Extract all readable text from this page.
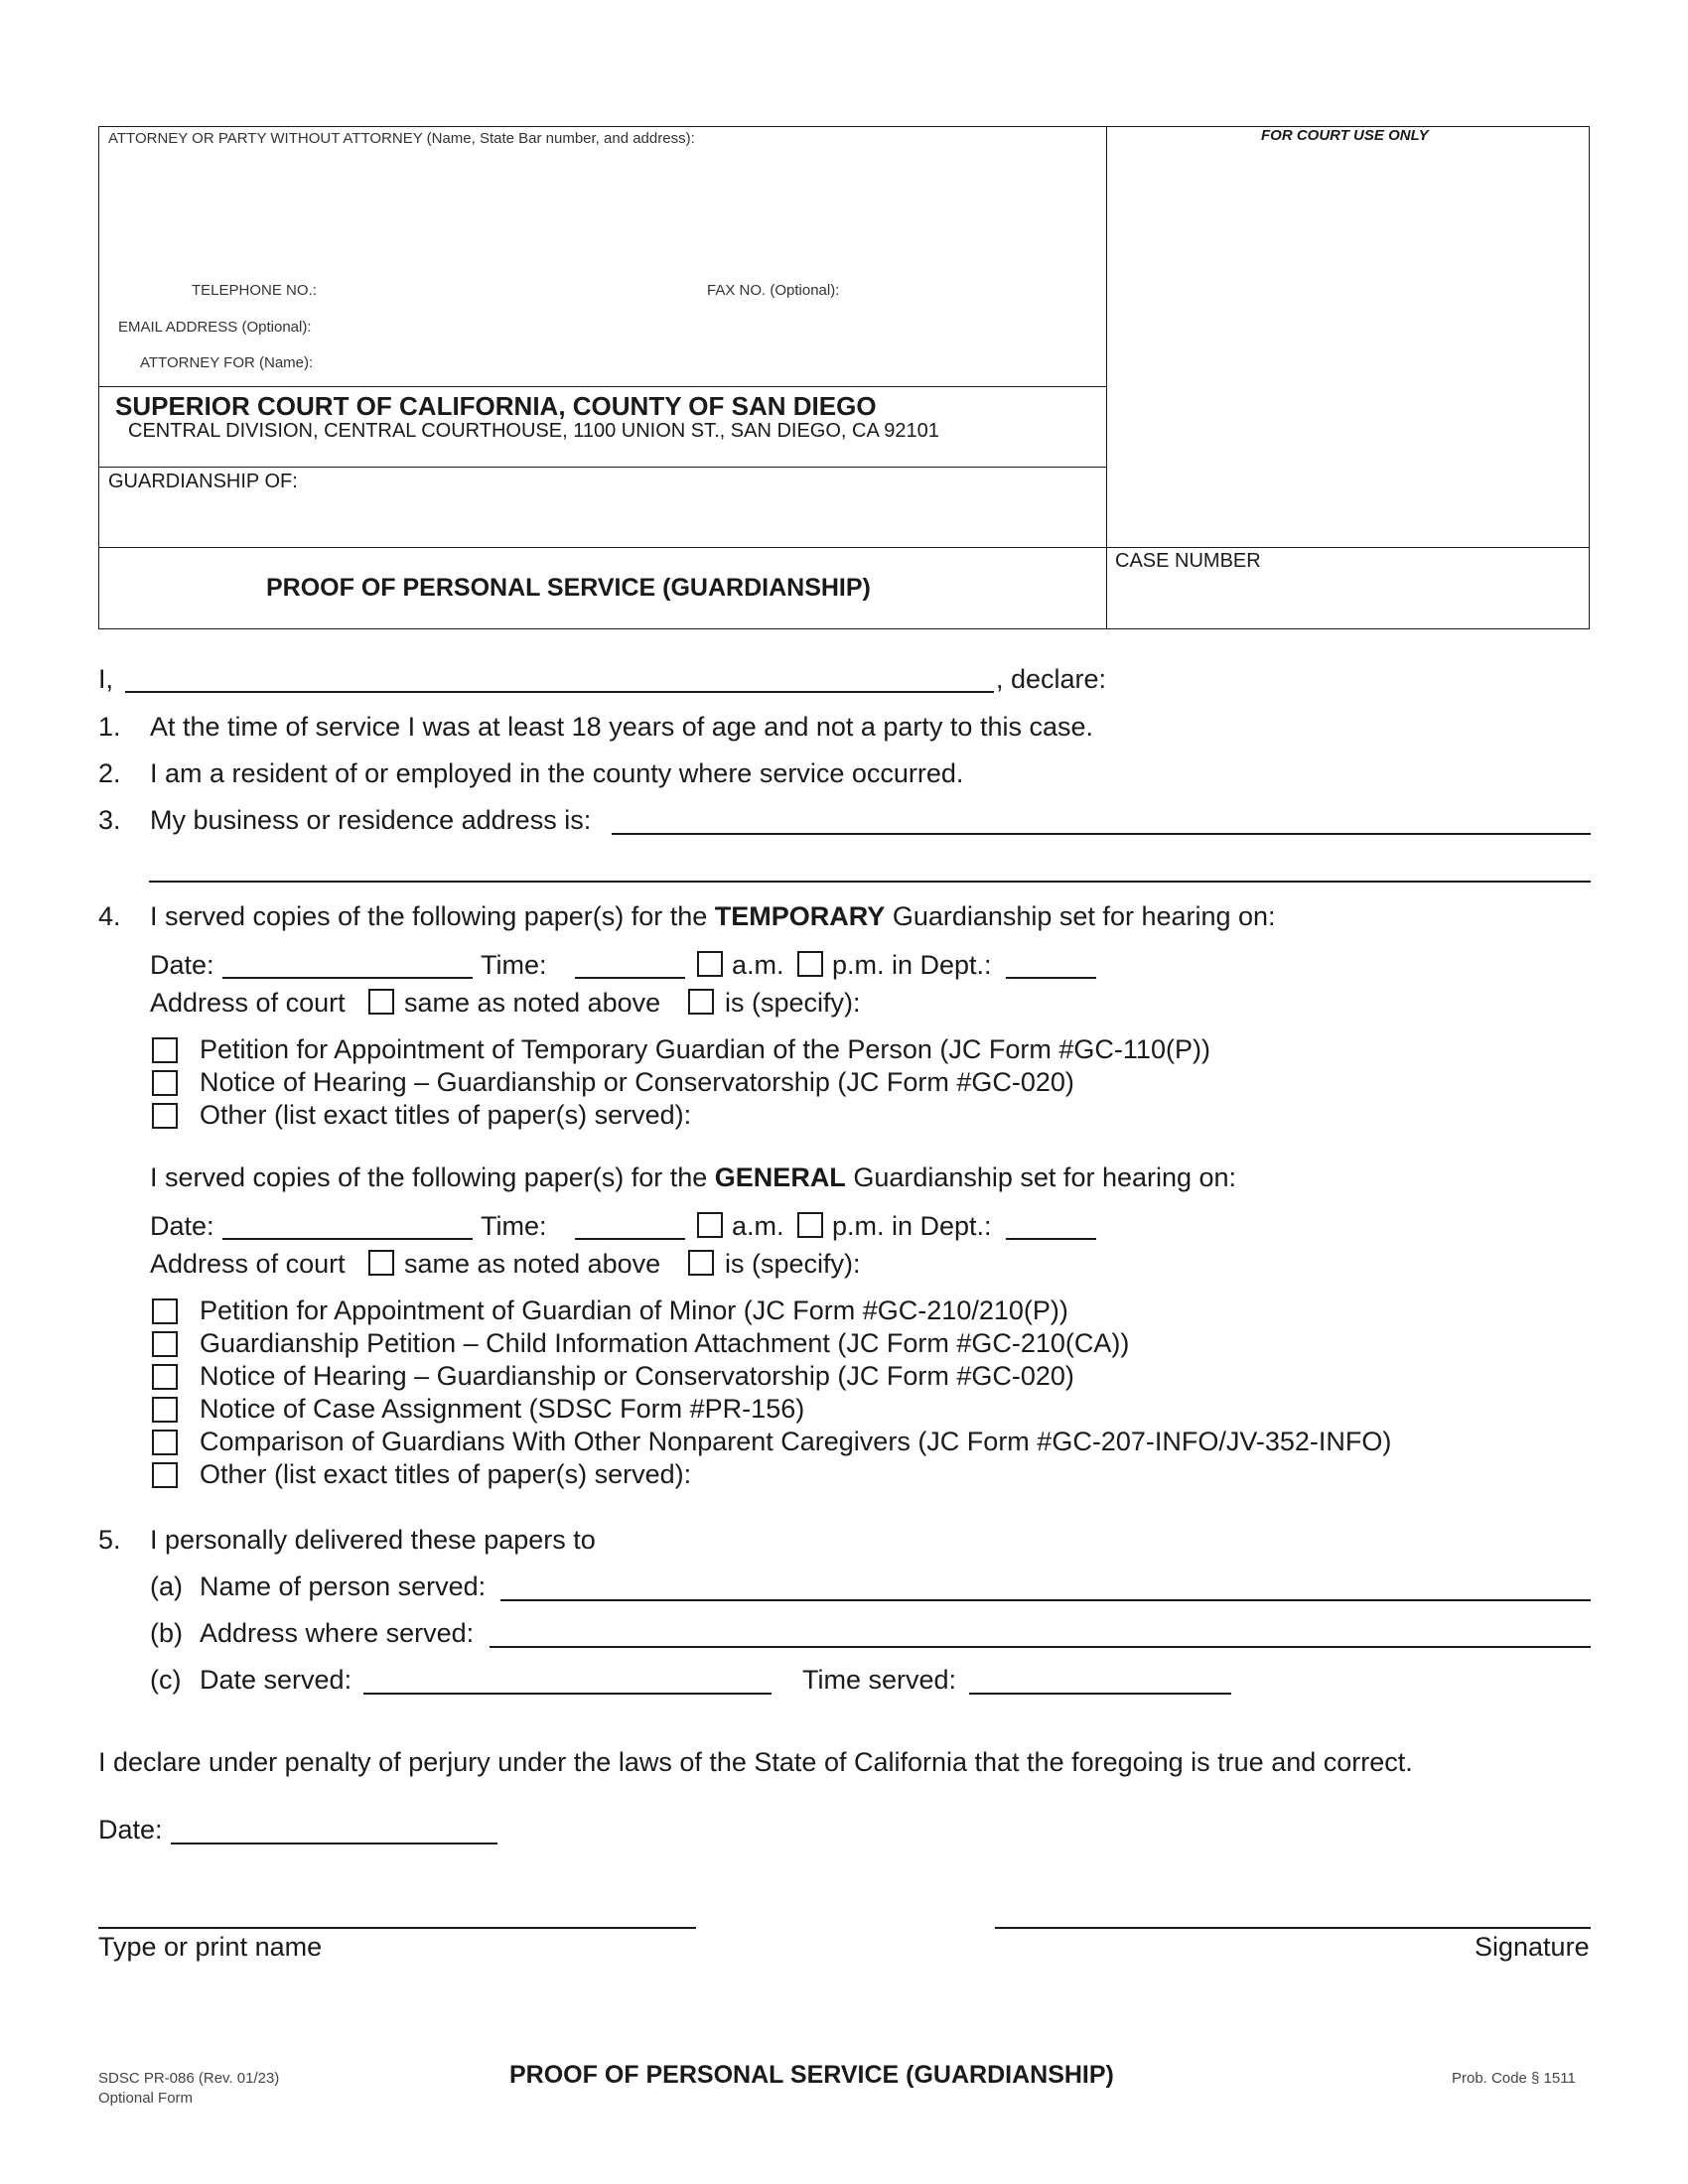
ATTORNEY OR PARTY WITHOUT ATTORNEY (Name, State Bar number, and address):	FOR COURT USE ONLY
TELEPHONE NO.:	FAX NO. (Optional):
EMAIL ADDRESS (Optional):
ATTORNEY FOR (Name):
SUPERIOR COURT OF CALIFORNIA, COUNTY OF SAN DIEGO
CENTRAL DIVISION, CENTRAL COURTHOUSE, 1100 UNION ST., SAN DIEGO, CA 92101
GUARDIANSHIP OF:
PROOF OF PERSONAL SERVICE (GUARDIANSHIP)
CASE NUMBER
I,	, declare:
1. At the time of service I was at least 18 years of age and not a party to this case.
2. I am a resident of or employed in the county where service occurred.
3. My business or residence address is:
4. I served copies of the following paper(s) for the TEMPORARY Guardianship set for hearing on:
Date:	Time:	a.m. p.m. in Dept.:
Address of court same as noted above is (specify):
Petition for Appointment of Temporary Guardian of the Person (JC Form #GC-110(P))
Notice of Hearing – Guardianship or Conservatorship (JC Form #GC-020)
Other (list exact titles of paper(s) served):
I served copies of the following paper(s) for the GENERAL Guardianship set for hearing on:
Date:	Time:	a.m. p.m. in Dept.:
Address of court same as noted above is (specify):
Petition for Appointment of Guardian of Minor (JC Form #GC-210/210(P))
Guardianship Petition – Child Information Attachment (JC Form #GC-210(CA))
Notice of Hearing – Guardianship or Conservatorship (JC Form #GC-020)
Notice of Case Assignment (SDSC Form #PR-156)
Comparison of Guardians With Other Nonparent Caregivers (JC Form #GC-207-INFO/JV-352-INFO)
Other (list exact titles of paper(s) served):
5. I personally delivered these papers to
(a) Name of person served:
(b) Address where served:
(c) Date served:	Time served:
I declare under penalty of perjury under the laws of the State of California that the foregoing is true and correct.
Date:
Type or print name	Signature
SDSC PR-086 (Rev. 01/23)
Optional Form
PROOF OF PERSONAL SERVICE (GUARDIANSHIP)	Prob. Code § 1511
